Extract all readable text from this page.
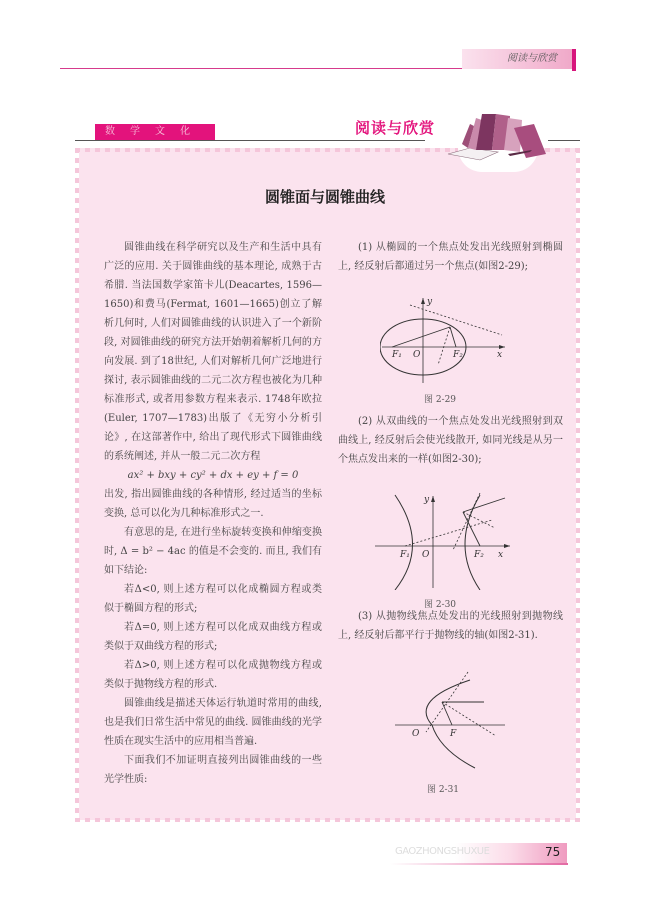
阅读与欣赏
数学文化	阅读与欣赏
圆锥面与圆锥曲线

圆锥曲线在科学研究以及生产和生活中具有广泛的应用. 关于圆锥曲线的基本理论, 成熟于古希腊. 当法国数学家笛卡儿(Deacartes, 1596—1650)和费马(Fermat, 1601—1665)创立了解析几何时, 人们对圆锥曲线的认识进入了一个新阶段, 对圆锥曲线的研究方法开始朝着解析几何的方向发展. 到了18世纪, 人们对解析几何广泛地进行探讨, 表示圆锥曲线的二元二次方程也被化为几种标准形式, 或者用参数方程来表示. 1748年欧拉(Euler, 1707—1783)出版了《无穷小分析引论》, 在这部著作中, 给出了现代形式下圆锥曲线的系统阐述, 并从一般二元二次方程

ax² + bxy + cy² + dx + ey + f = 0

出发, 指出圆锥曲线的各种情形, 经过适当的坐标变换, 总可以化为几种标准形式之一.

有意思的是, 在进行坐标旋转变换和伸缩变换时, Δ = b² − 4ac 的值是不会变的. 而且, 我们有如下结论:

若Δ<0, 则上述方程可以化成椭圆方程或类似于椭圆方程的形式;

若Δ=0, 则上述方程可以化成双曲线方程或类似于双曲线方程的形式;

若Δ>0, 则上述方程可以化成抛物线方程或类似于抛物线方程的形式.

圆锥曲线是描述天体运行轨道时常用的曲线, 也是我们日常生活中常见的曲线. 圆锥曲线的光学性质在现实生活中的应用相当普遍.

下面我们不加证明直接列出圆锥曲线的一些光学性质:

(1) 从椭圆的一个焦点处发出光线照射到椭圆上, 经反射后都通过另一个焦点(如图2-29);

(2) 从双曲线的一个焦点处发出光线照射到双曲线上, 经反射后会使光线散开, 如同光线是从另一个焦点发出来的一样(如图2-30);

(3) 从抛物线焦点处发出的光线照射到抛物线上, 经反射后都平行于抛物线的轴(如图2-31).

F₁ O	F₂	x
y
图 2-29
F₁ O	F₂ x
y
图 2-30
O	F
图 2-31
GAOZHONGSHUXUE	75
